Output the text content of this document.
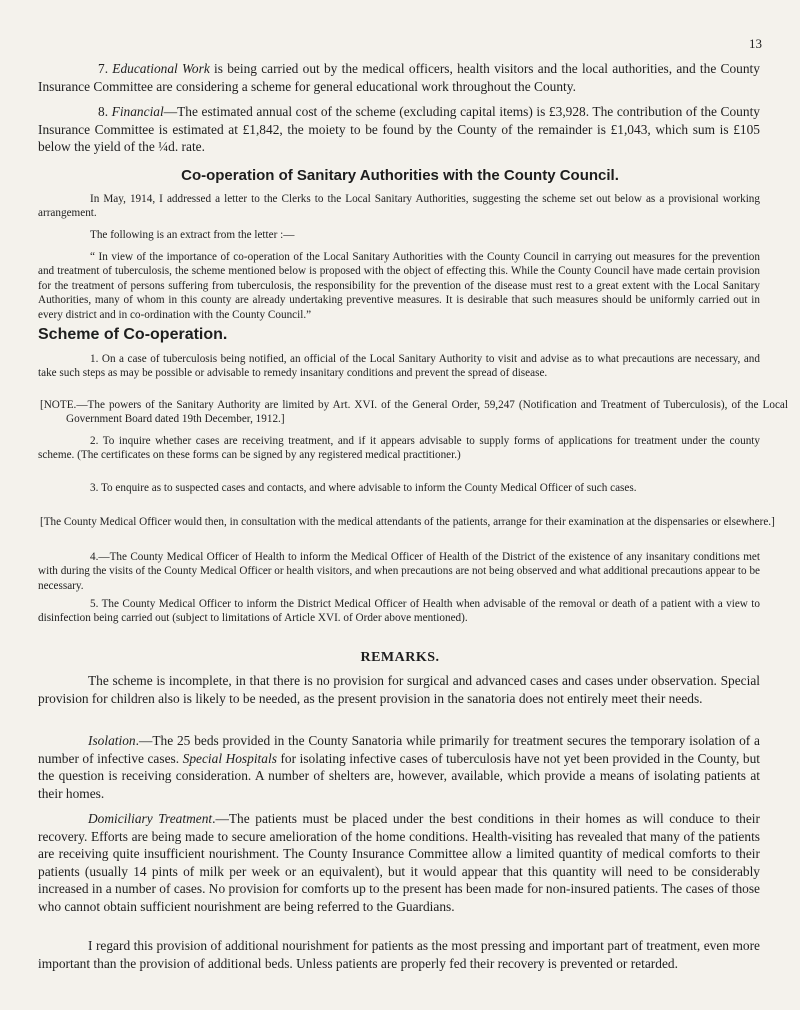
13

7. Educational Work is being carried out by the medical officers, health visitors and the local authorities, and the County Insurance Committee are considering a scheme for general educational work throughout the County.

8. Financial—The estimated annual cost of the scheme (excluding capital items) is £3,928. The contribution of the County Insurance Committee is estimated at £1,842, the moiety to be found by the County of the remainder is £1,043, which sum is £105 below the yield of the ¼d. rate.

Co-operation of Sanitary Authorities with the County Council.

In May, 1914, I addressed a letter to the Clerks to the Local Sanitary Authorities, suggesting the scheme set out below as a provisional working arrangement.

The following is an extract from the letter :—

“ In view of the importance of co-operation of the Local Sanitary Authorities with the County Council in carrying out measures for the prevention and treatment of tuberculosis, the scheme mentioned below is proposed with the object of effecting this. While the County Council have made certain provision for the treatment of persons suffering from tuberculosis, the responsibility for the prevention of the disease must rest to a great extent with the Local Sanitary Authorities, many of whom in this county are already undertaking preventive measures. It is desirable that such measures should be uniformly carried out in every district and in co-ordination with the County Council.”

Scheme of Co-operation.

1. On a case of tuberculosis being notified, an official of the Local Sanitary Authority to visit and advise as to what precautions are necessary, and take such steps as may be possible or advisable to remedy insanitary conditions and prevent the spread of disease.

[NOTE.—The powers of the Sanitary Authority are limited by Art. XVI. of the General Order, 59,247 (Notification and Treatment of Tuberculosis), of the Local Government Board dated 19th December, 1912.]

2. To inquire whether cases are receiving treatment, and if it appears advisable to supply forms of applications for treatment under the county scheme. (The certificates on these forms can be signed by any registered medical practitioner.)

3. To enquire as to suspected cases and contacts, and where advisable to inform the County Medical Officer of such cases.

[The County Medical Officer would then, in consultation with the medical attendants of the patients, arrange for their examination at the dispensaries or elsewhere.]

4.—The County Medical Officer of Health to inform the Medical Officer of Health of the District of the existence of any insanitary conditions met with during the visits of the County Medical Officer or health visitors, and when precautions are not being observed and what additional precautions appear to be necessary.

5. The County Medical Officer to inform the District Medical Officer of Health when advisable of the removal or death of a patient with a view to disinfection being carried out (subject to limitations of Article XVI. of Order above mentioned).

REMARKS.

The scheme is incomplete, in that there is no provision for surgical and advanced cases and cases under observation. Special provision for children also is likely to be needed, as the present provision in the sanatoria does not entirely meet their needs.

Isolation.—The 25 beds provided in the County Sanatoria while primarily for treatment secures the temporary isolation of a number of infective cases. Special Hospitals for isolating infective cases of tuberculosis have not yet been provided in the County, but the question is receiving consideration. A number of shelters are, however, available, which provide a means of isolating patients at their homes.

Domiciliary Treatment.—The patients must be placed under the best conditions in their homes as will conduce to their recovery. Efforts are being made to secure amelioration of the home conditions. Health-visiting has revealed that many of the patients are receiving quite insufficient nourishment. The County Insurance Committee allow a limited quantity of medical comforts to their patients (usually 14 pints of milk per week or an equivalent), but it would appear that this quantity will need to be considerably increased in a number of cases. No provision for comforts up to the present has been made for non-insured patients. The cases of those who cannot obtain sufficient nourishment are being referred to the Guardians.

I regard this provision of additional nourishment for patients as the most pressing and important part of treatment, even more important than the provision of additional beds. Unless patients are properly fed their recovery is prevented or retarded.
